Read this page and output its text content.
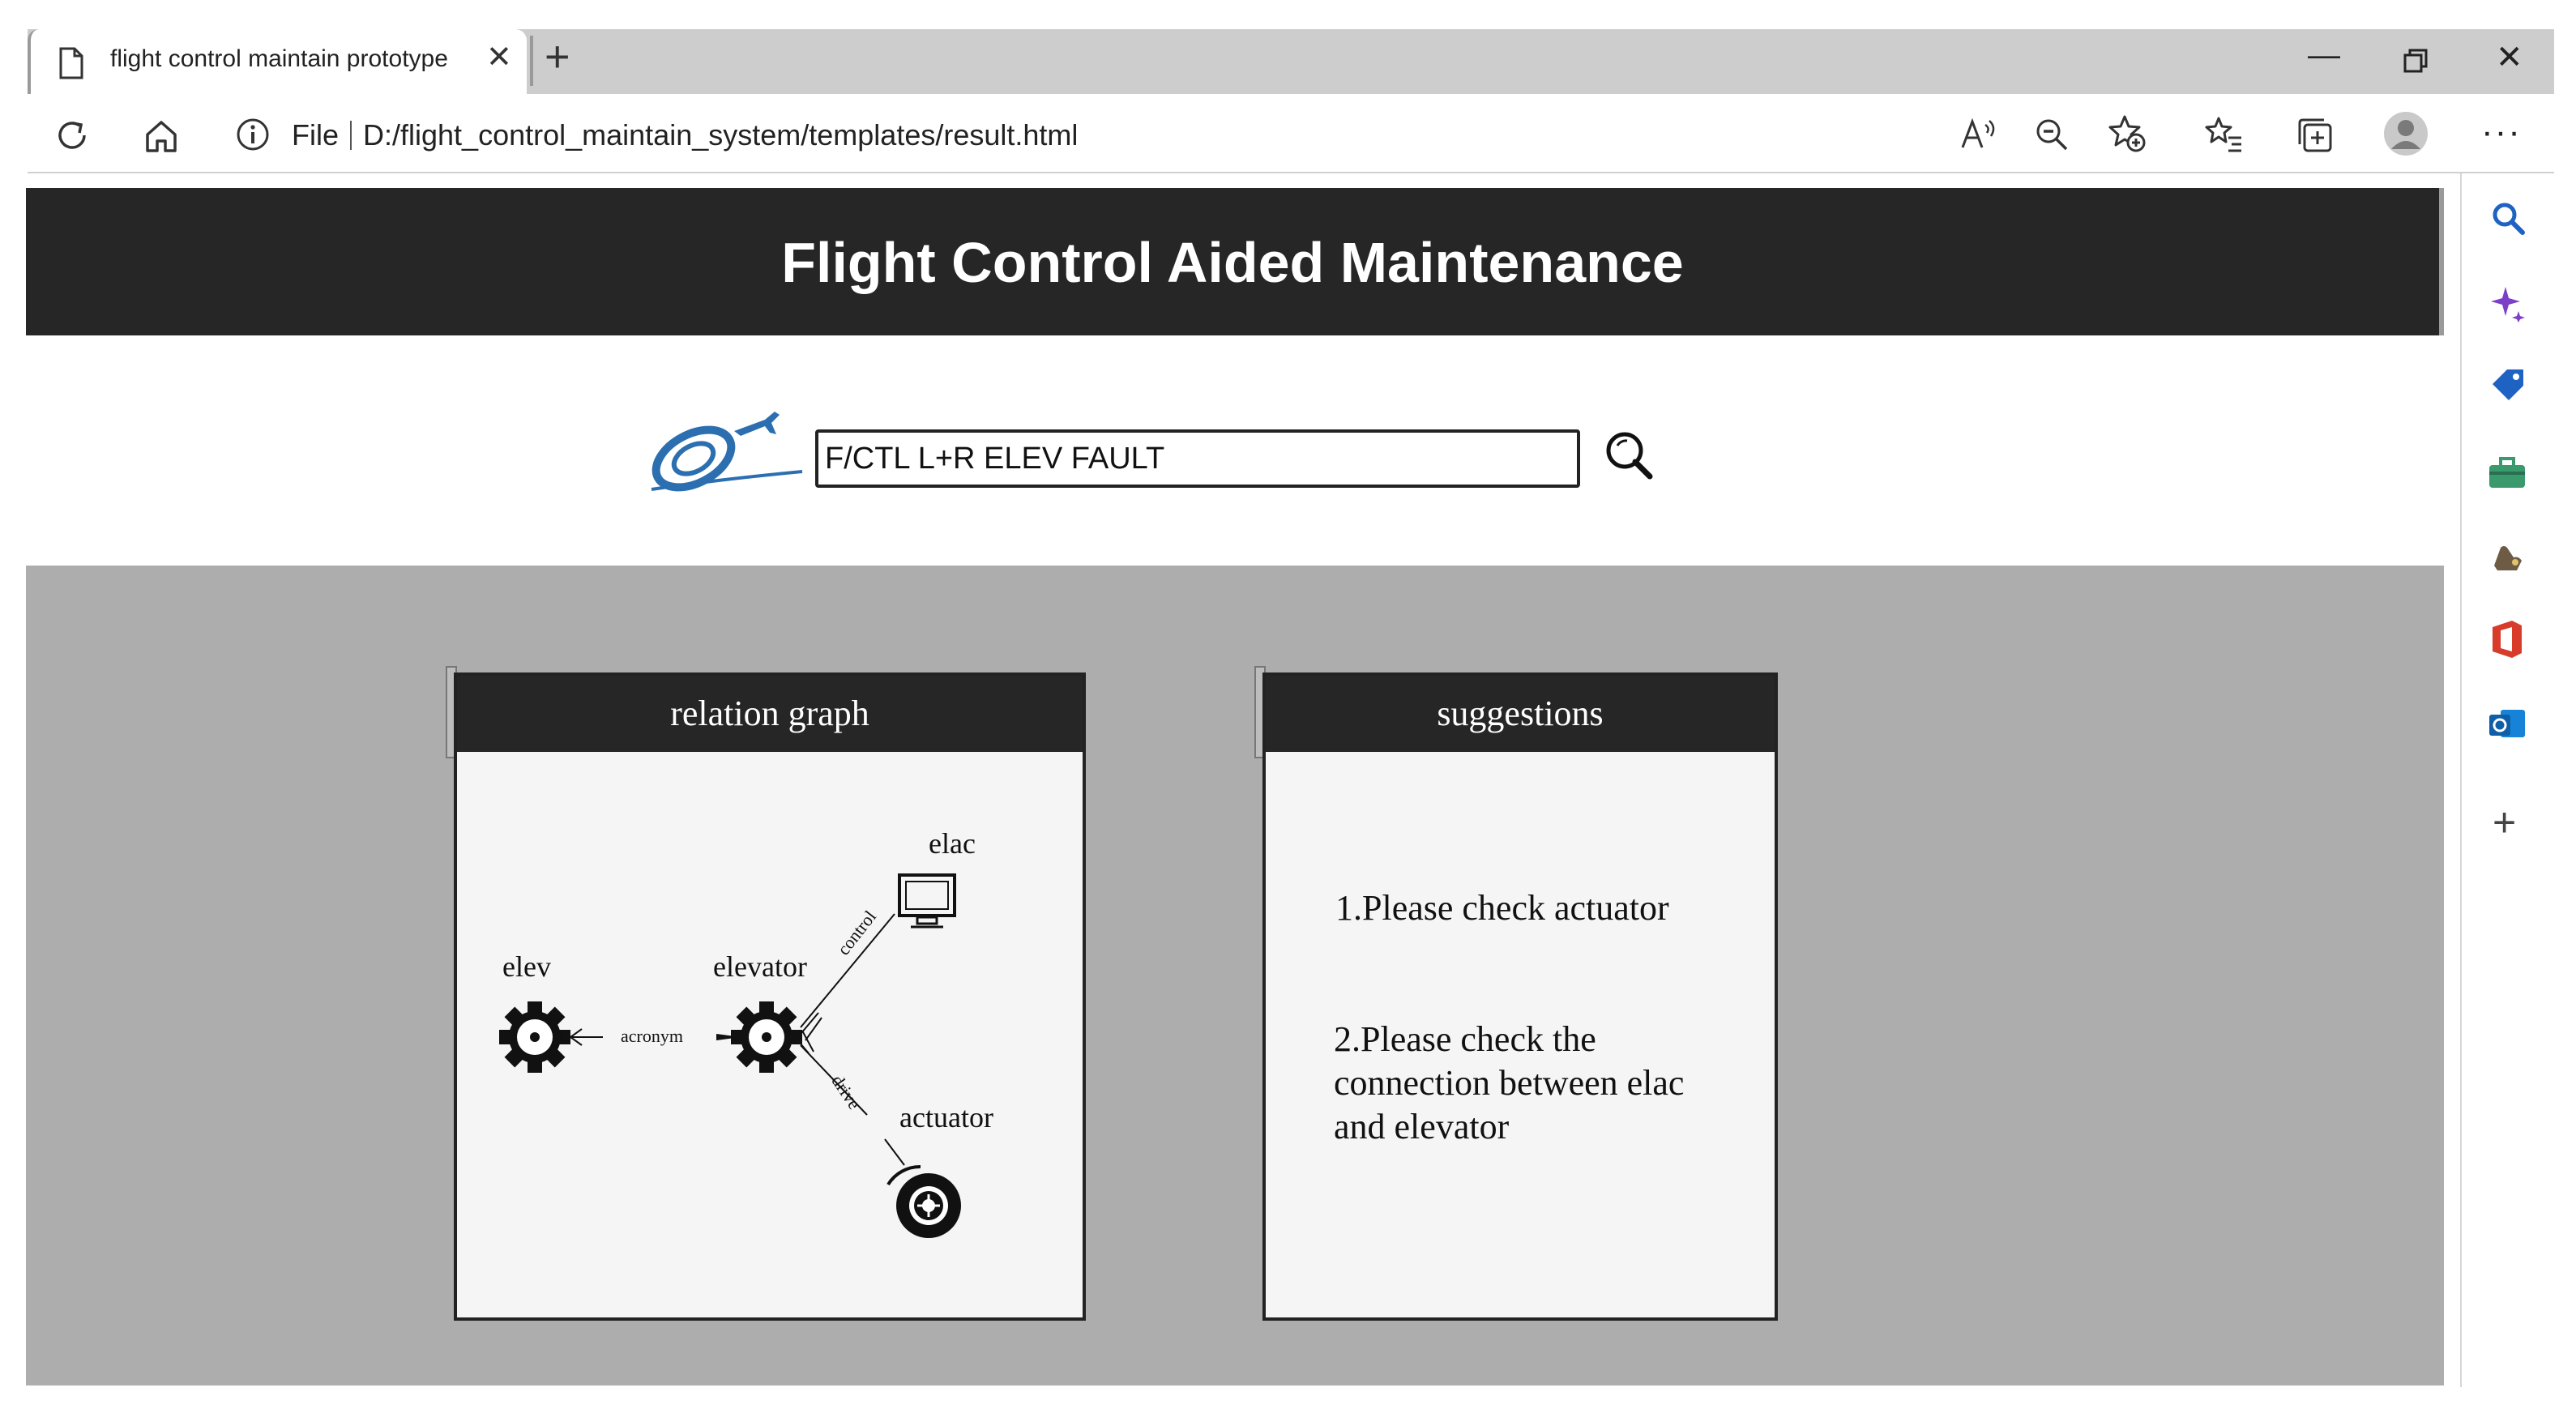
flight control maintain prototype	✕ +	—	✕
File D:/flight_control_maintain_system/templates/result.html	···
+
Flight Control Aided Maintenance
F/CTL L+R ELEV FAULT
relation graph
elac
elev	elevator
actuator
acronym
control
drive
suggestions
1.Please check actuator
2.Please check the
connection between elac
and elevator
